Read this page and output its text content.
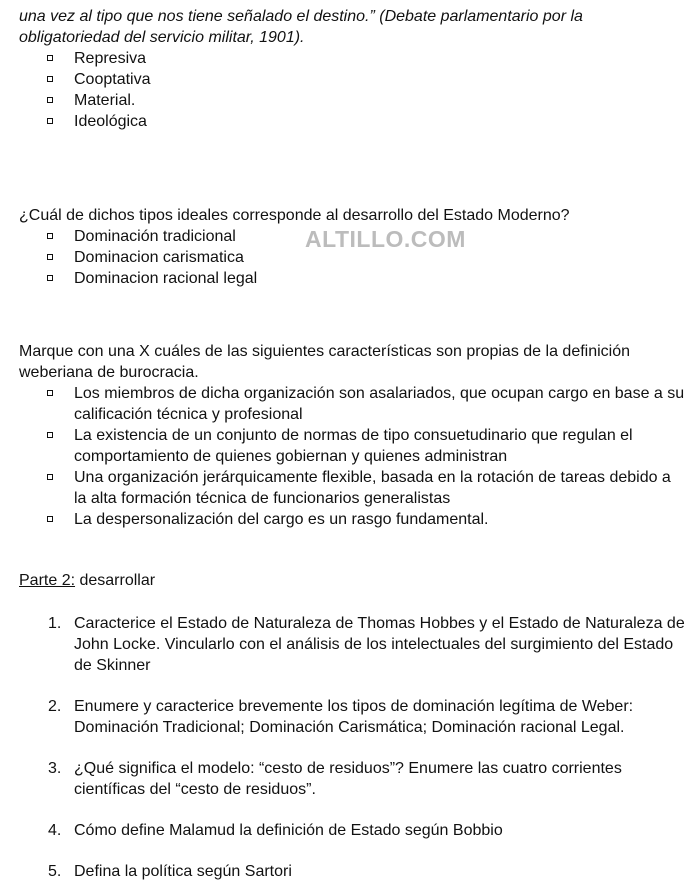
ALTILLO.COM

una vez al tipo que nos tiene señalado el destino.” (Debate parlamentario por la obligatoriedad del servicio militar, 1901).

Represiva
Cooptativa
Material.
Ideológica

¿Cuál de dichos tipos ideales corresponde al desarrollo del Estado Moderno?

Dominación tradicional
Dominacion carismatica
Dominacion racional legal

Marque con una X cuáles de las siguientes características son propias de la definición weberiana de burocracia.

Los miembros de dicha organización son asalariados, que ocupan cargo en base a su calificación técnica y profesional
La existencia de un conjunto de normas de tipo consuetudinario que regulan el comportamiento de quienes gobiernan y quienes administran
Una organización jerárquicamente flexible, basada en la rotación de tareas debido a la alta formación técnica de funcionarios generalistas
La despersonalización del cargo es un rasgo fundamental.

Parte 2: desarrollar

1. Caracterice el Estado de Naturaleza de Thomas Hobbes y el Estado de Naturaleza de John Locke. Vincularlo con el análisis de los intelectuales del surgimiento del Estado de Skinner
2. Enumere y caracterice brevemente los tipos de dominación legítima de Weber: Dominación Tradicional; Dominación Carismática; Dominación racional Legal.
3. ¿Qué significa el modelo: “cesto de residuos”? Enumere las cuatro corrientes científicas del “cesto de residuos”.
4. Cómo define Malamud la definición de Estado según Bobbio
5. Defina la política según Sartori
